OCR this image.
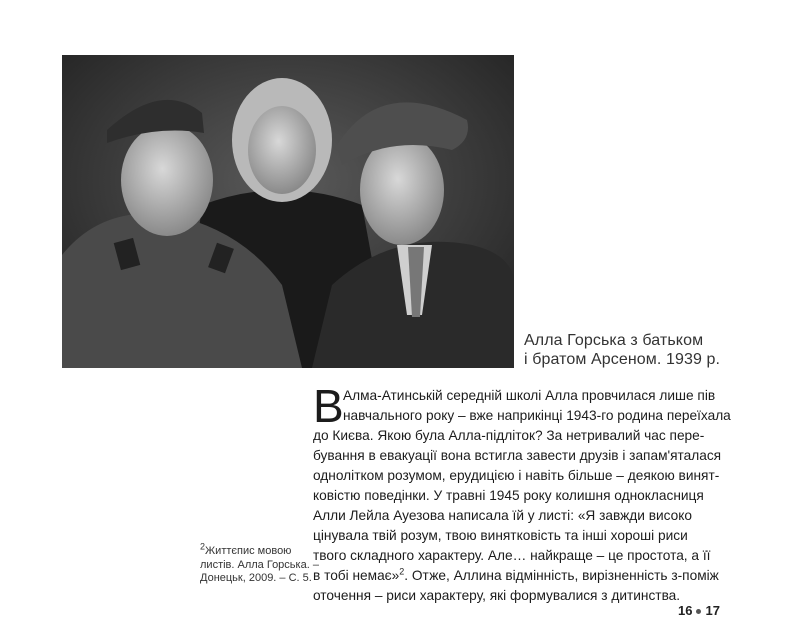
Алла Горська з батьком
і братом Арсеном. 1939 р.
В Алма-Атинській середній школі Алла провчилася лише пів
навчального року – вже наприкінці 1943-го родина переїхала
до Києва. Якою була Алла-підліток? За нетривалий час пере-
бування в евакуації вона встигла завести друзів і запам'яталася
однолітком розумом, ерудицією і навіть більше – деякою винят-
ковістю поведінки. У травні 1945 року колишня однокласниця
Алли Лейла Ауезова написала їй у листі: «Я завжди високо
цінувала твій розум, твою винятковість та інші хороші риси
твого складного характеру. Але… найкраще – це простота, а її
в тобі немає»$^2$. Отже, Аллина відмінність, вирізненність з-поміж
оточення – риси характеру, які формувалися з дитинства.
$^2$Життєпис мовою
листів. Алла Горська. –
Донецьк, 2009. – С. 5.
16 17
